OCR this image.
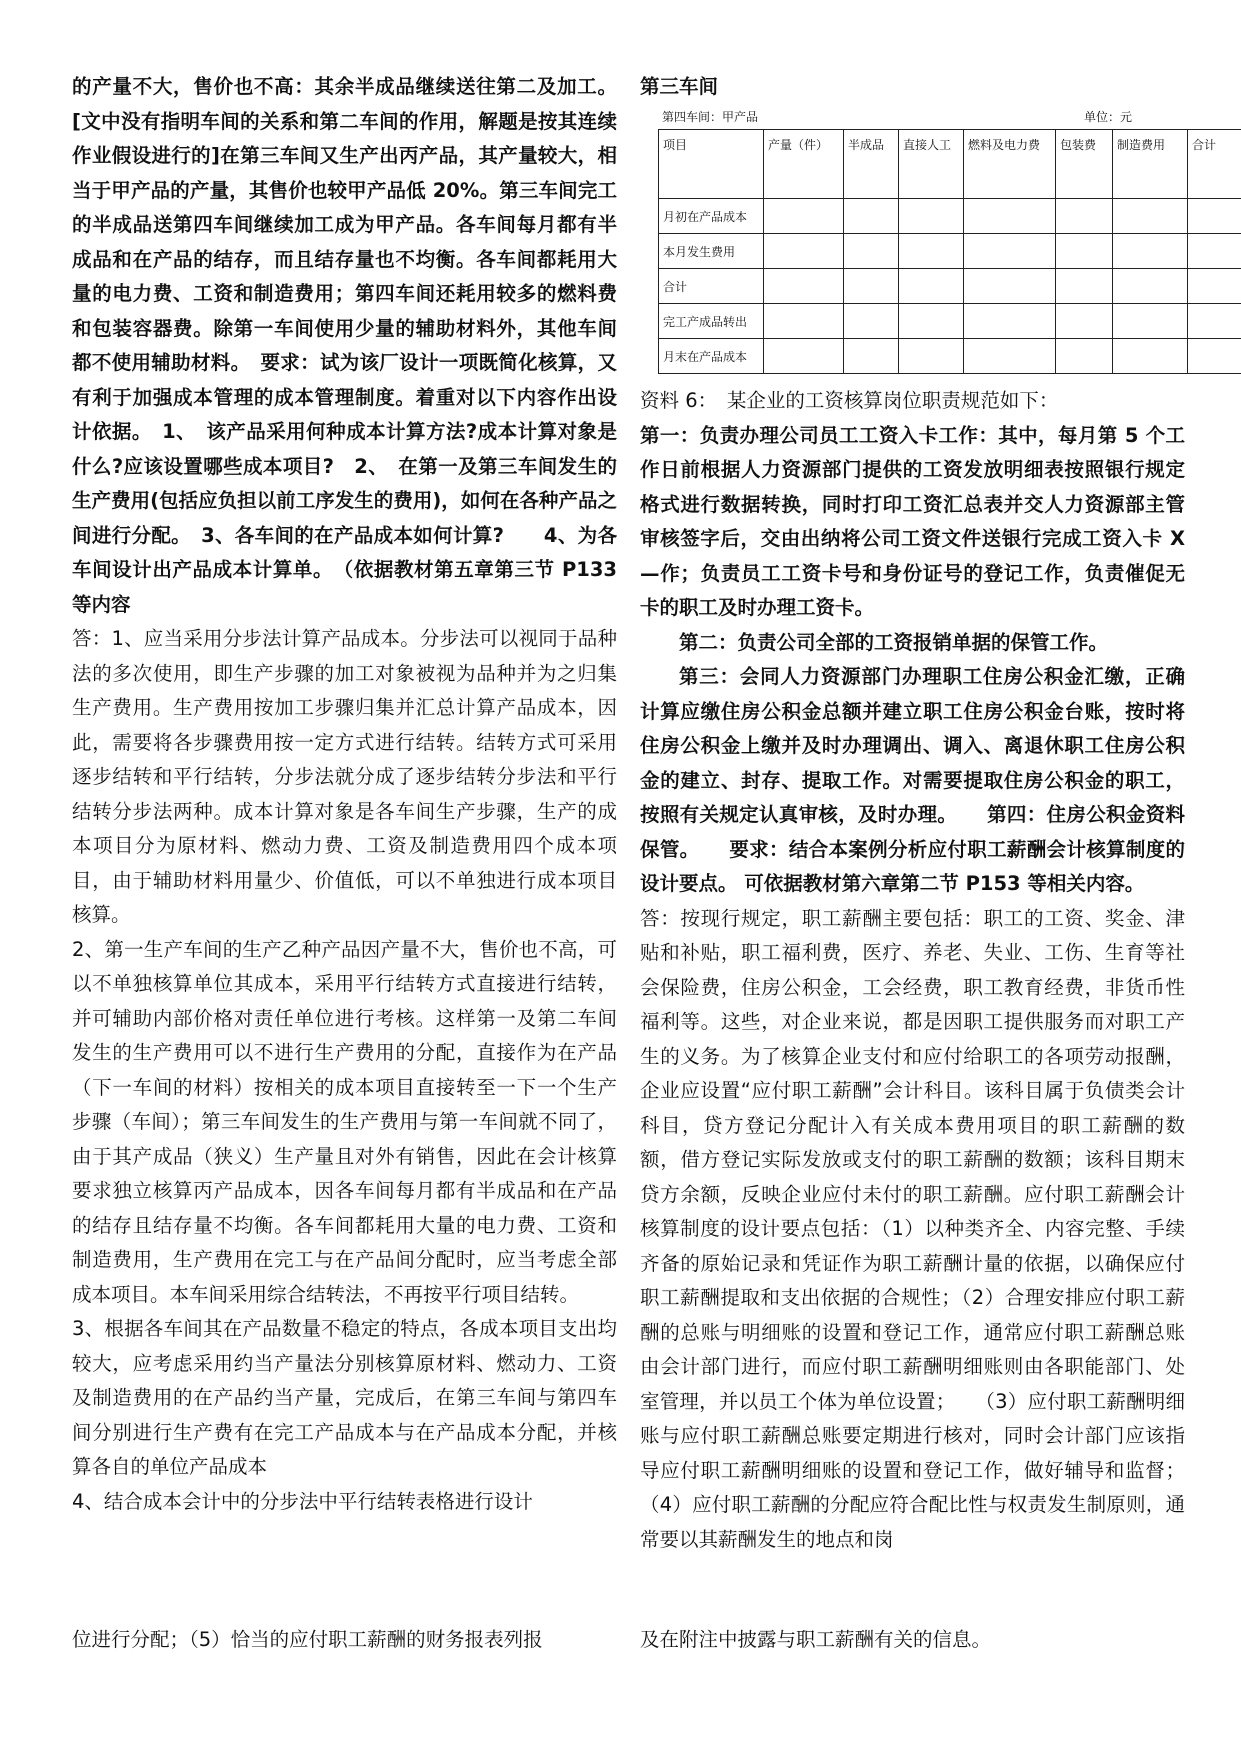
的产量不大，售价也不高：其余半成品继续送往第二及加工。[文中没有指明车间的关系和第二车间的作用，解题是按其连续作业假设进行的]在第三车间又生产出丙产品，其产量较大，相当于甲产品的产量，其售价也较甲产品低 20%。第三车间完工的半成品送第四车间继续加工成为甲产品。各车间每月都有半成品和在产品的结存，而且结存量也不均衡。各车间都耗用大量的电力费、工资和制造费用；第四车间还耗用较多的燃料费和包装容器费。除第一车间使用少量的辅助材料外，其他车间都不使用辅助材料。　要求：试为该厂设计一项既简化核算，又有利于加强成本管理的成本管理制度。着重对以下内容作出设计依据。　1、　该产品采用何种成本计算方法?成本计算对象是什么?应该设置哪些成本项目?　2、　在第一及第三车间发生的生产费用(包括应负担以前工序发生的费用)，如何在各种产品之间进行分配。　3、各车间的在产品成本如何计算?　　4、为各车间设计出产品成本计算单。　（依据教材第五章第三节 P133 等内容

答：1、应当采用分步法计算产品成本。分步法可以视同于品种法的多次使用，即生产步骤的加工对象被视为品种并为之归集生产费用。生产费用按加工步骤归集并汇总计算产品成本，因此，需要将各步骤费用按一定方式进行结转。结转方式可采用逐步结转和平行结转，分步法就分成了逐步结转分步法和平行结转分步法两种。成本计算对象是各车间生产步骤，生产的成本项目分为原材料、燃动力费、工资及制造费用四个成本项目，由于辅助材料用量少、价值低，可以不单独进行成本项目核算。

2、第一生产车间的生产乙种产品因产量不大，售价也不高，可以不单独核算单位其成本，采用平行结转方式直接进行结转，并可辅助内部价格对责任单位进行考核。这样第一及第二车间发生的生产费用可以不进行生产费用的分配，直接作为在产品（下一车间的材料）按相关的成本项目直接转至一下一个生产步骤（车间）；第三车间发生的生产费用与第一车间就不同了，由于其产成品（狭义）生产量且对外有销售，因此在会计核算要求独立核算丙产品成本，因各车间每月都有半成品和在产品的结存且结存量不均衡。各车间都耗用大量的电力费、工资和制造费用，生产费用在完工与在产品间分配时，应当考虑全部成本项目。本车间采用综合结转法，不再按平行项目结转。

3、根据各车间其在产品数量不稳定的特点，各成本项目支出均较大，应考虑采用约当产量法分别核算原材料、燃动力、工资及制造费用的在产品约当产量，完成后，在第三车间与第四车间分别进行生产费有在完工产品成本与在产品成本分配，并核算各自的单位产品成本

4、结合成本会计中的分步法中平行结转表格进行设计

第三车间
第四车间：甲产品	单位：元
项目	产量（件）	半成品	直接人工	燃料及电力费	包装费	制造费用	合计
月初在产品成本							
本月发生费用							
合计							
完工产成品转出							
月末在产品成本							

资料 6：　某企业的工资核算岗位职责规范如下：

第一：负责办理公司员工工资入卡工作：其中，每月第 5 个工作日前根据人力资源部门提供的工资发放明细表按照银行规定格式进行数据转换，同时打印工资汇总表并交人力资源部主管审核签字后，交由出纳将公司工资文件送银行完成工资入卡 X—作；负责员工工资卡号和身份证号的登记工作，负责催促无卡的职工及时办理工资卡。

第二：负责公司全部的工资报销单据的保管工作。

第三：会同人力资源部门办理职工住房公积金汇缴，正确计算应缴住房公积金总额并建立职工住房公积金台账，按时将住房公积金上缴并及时办理调出、调入、离退休职工住房公积金的建立、封存、提取工作。对需要提取住房公积金的职工，按照有关规定认真审核，及时办理。　　第四：住房公积金资料保管。　　要求：结合本案例分析应付职工薪酬会计核算制度的设计要点。 可依据教材第六章第二节 P153 等相关内容。

答：按现行规定，职工薪酬主要包括：职工的工资、奖金、津贴和补贴，职工福利费，医疗、养老、失业、工伤、生育等社会保险费，住房公积金，工会经费，职工教育经费，非货币性福利等。这些，对企业来说，都是因职工提供服务而对职工产生的义务。为了核算企业支付和应付给职工的各项劳动报酬，企业应设置“应付职工薪酬”会计科目。该科目属于负债类会计科目，贷方登记分配计入有关成本费用项目的职工薪酬的数额，借方登记实际发放或支付的职工薪酬的数额；该科目期末贷方余额，反映企业应付未付的职工薪酬。应付职工薪酬会计核算制度的设计要点包括：（1）以种类齐全、内容完整、手续齐备的原始记录和凭证作为职工薪酬计量的依据，以确保应付职工薪酬提取和支出依据的合规性；（2）合理安排应付职工薪酬的总账与明细账的设置和登记工作，通常应付职工薪酬总账由会计部门进行，而应付职工薪酬明细账则由各职能部门、处室管理，并以员工个体为单位设置；　　（3）应付职工薪酬明细账与应付职工薪酬总账要定期进行核对，同时会计部门应该指导应付职工薪酬明细账的设置和登记工作，做好辅导和监督；（4）应付职工薪酬的分配应符合配比性与权责发生制原则，通常要以其薪酬发生的地点和岗

位进行分配；（5）恰当的应付职工薪酬的财务报表列报	及在附注中披露与职工薪酬有关的信息。
